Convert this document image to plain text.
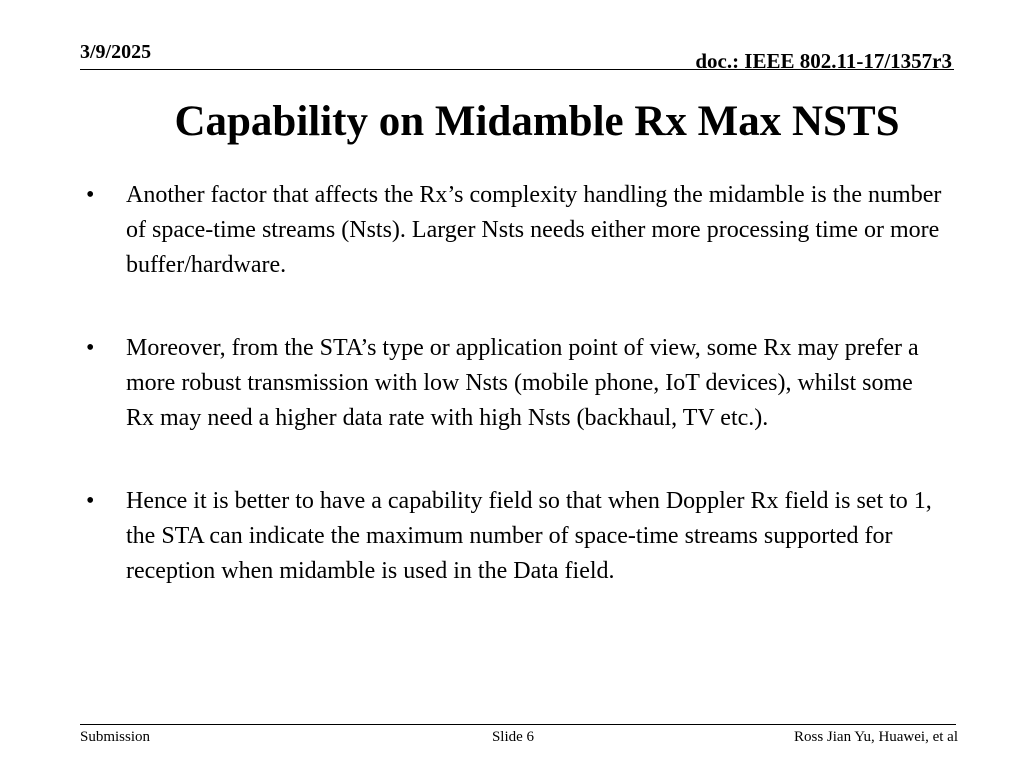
3/9/2025	doc.: IEEE 802.11-17/1357r3
Capability on Midamble Rx Max NSTS
•	Another factor that affects the Rx’s complexity handling the midamble is the number of space-time streams (Nsts). Larger Nsts needs either more processing time or more buffer/hardware.
•	Moreover, from the STA’s type or application point of view, some Rx may prefer a more robust transmission with low Nsts (mobile phone, IoT devices), whilst some Rx may need a higher data rate with high Nsts (backhaul, TV etc.).
•	Hence it is better to have a capability field so that when Doppler Rx field is set to 1, the STA can indicate the maximum number of space-time streams supported for reception when midamble is used in the Data field.
Submission	Slide 6	Ross Jian Yu, Huawei, et al
